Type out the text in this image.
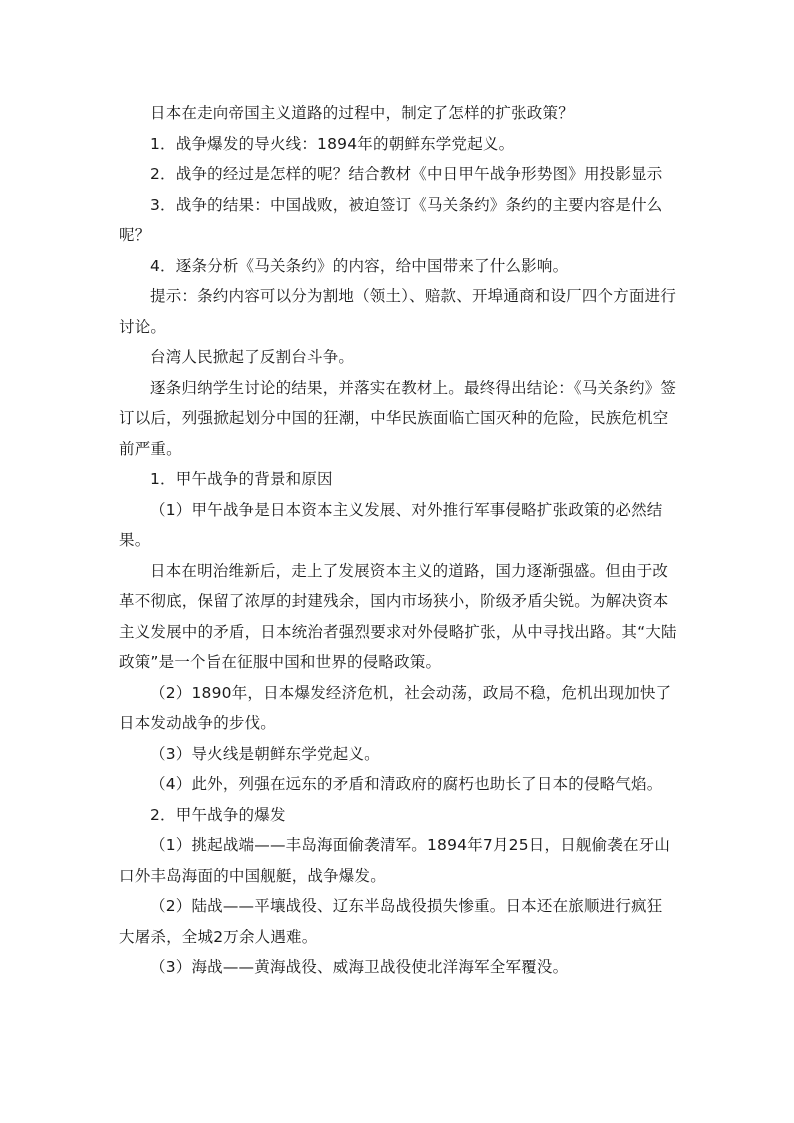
日本在走向帝国主义道路的过程中，制定了怎样的扩张政策？

1．战争爆发的导火线：1894年的朝鲜东学党起义。

2．战争的经过是怎样的呢？结合教材《中日甲午战争形势图》用投影显示

3．战争的结果：中国战败，被迫签订《马关条约》条约的主要内容是什么呢？

4．逐条分析《马关条约》的内容，给中国带来了什么影响。

提示：条约内容可以分为割地（领土）、赔款、开埠通商和设厂四个方面进行讨论。

台湾人民掀起了反割台斗争。

逐条归纳学生讨论的结果，并落实在教材上。最终得出结论：《马关条约》签订以后，列强掀起划分中国的狂潮，中华民族面临亡国灭种的危险，民族危机空前严重。

1．甲午战争的背景和原因

（1）甲午战争是日本资本主义发展、对外推行军事侵略扩张政策的必然结果。

日本在明治维新后，走上了发展资本主义的道路，国力逐渐强盛。但由于改革不彻底，保留了浓厚的封建残余，国内市场狭小，阶级矛盾尖锐。为解决资本主义发展中的矛盾，日本统治者强烈要求对外侵略扩张，从中寻找出路。其“大陆政策”是一个旨在征服中国和世界的侵略政策。

（2）1890年，日本爆发经济危机，社会动荡，政局不稳，危机出现加快了日本发动战争的步伐。

（3）导火线是朝鲜东学党起义。

（4）此外，列强在远东的矛盾和清政府的腐朽也助长了日本的侵略气焰。

2．甲午战争的爆发

（1）挑起战端——丰岛海面偷袭清军。1894年7月25日，日舰偷袭在牙山口外丰岛海面的中国舰艇，战争爆发。

（2）陆战——平壤战役、辽东半岛战役损失惨重。日本还在旅顺进行疯狂大屠杀，全城2万余人遇难。

（3）海战——黄海战役、威海卫战役使北洋海军全军覆没。
